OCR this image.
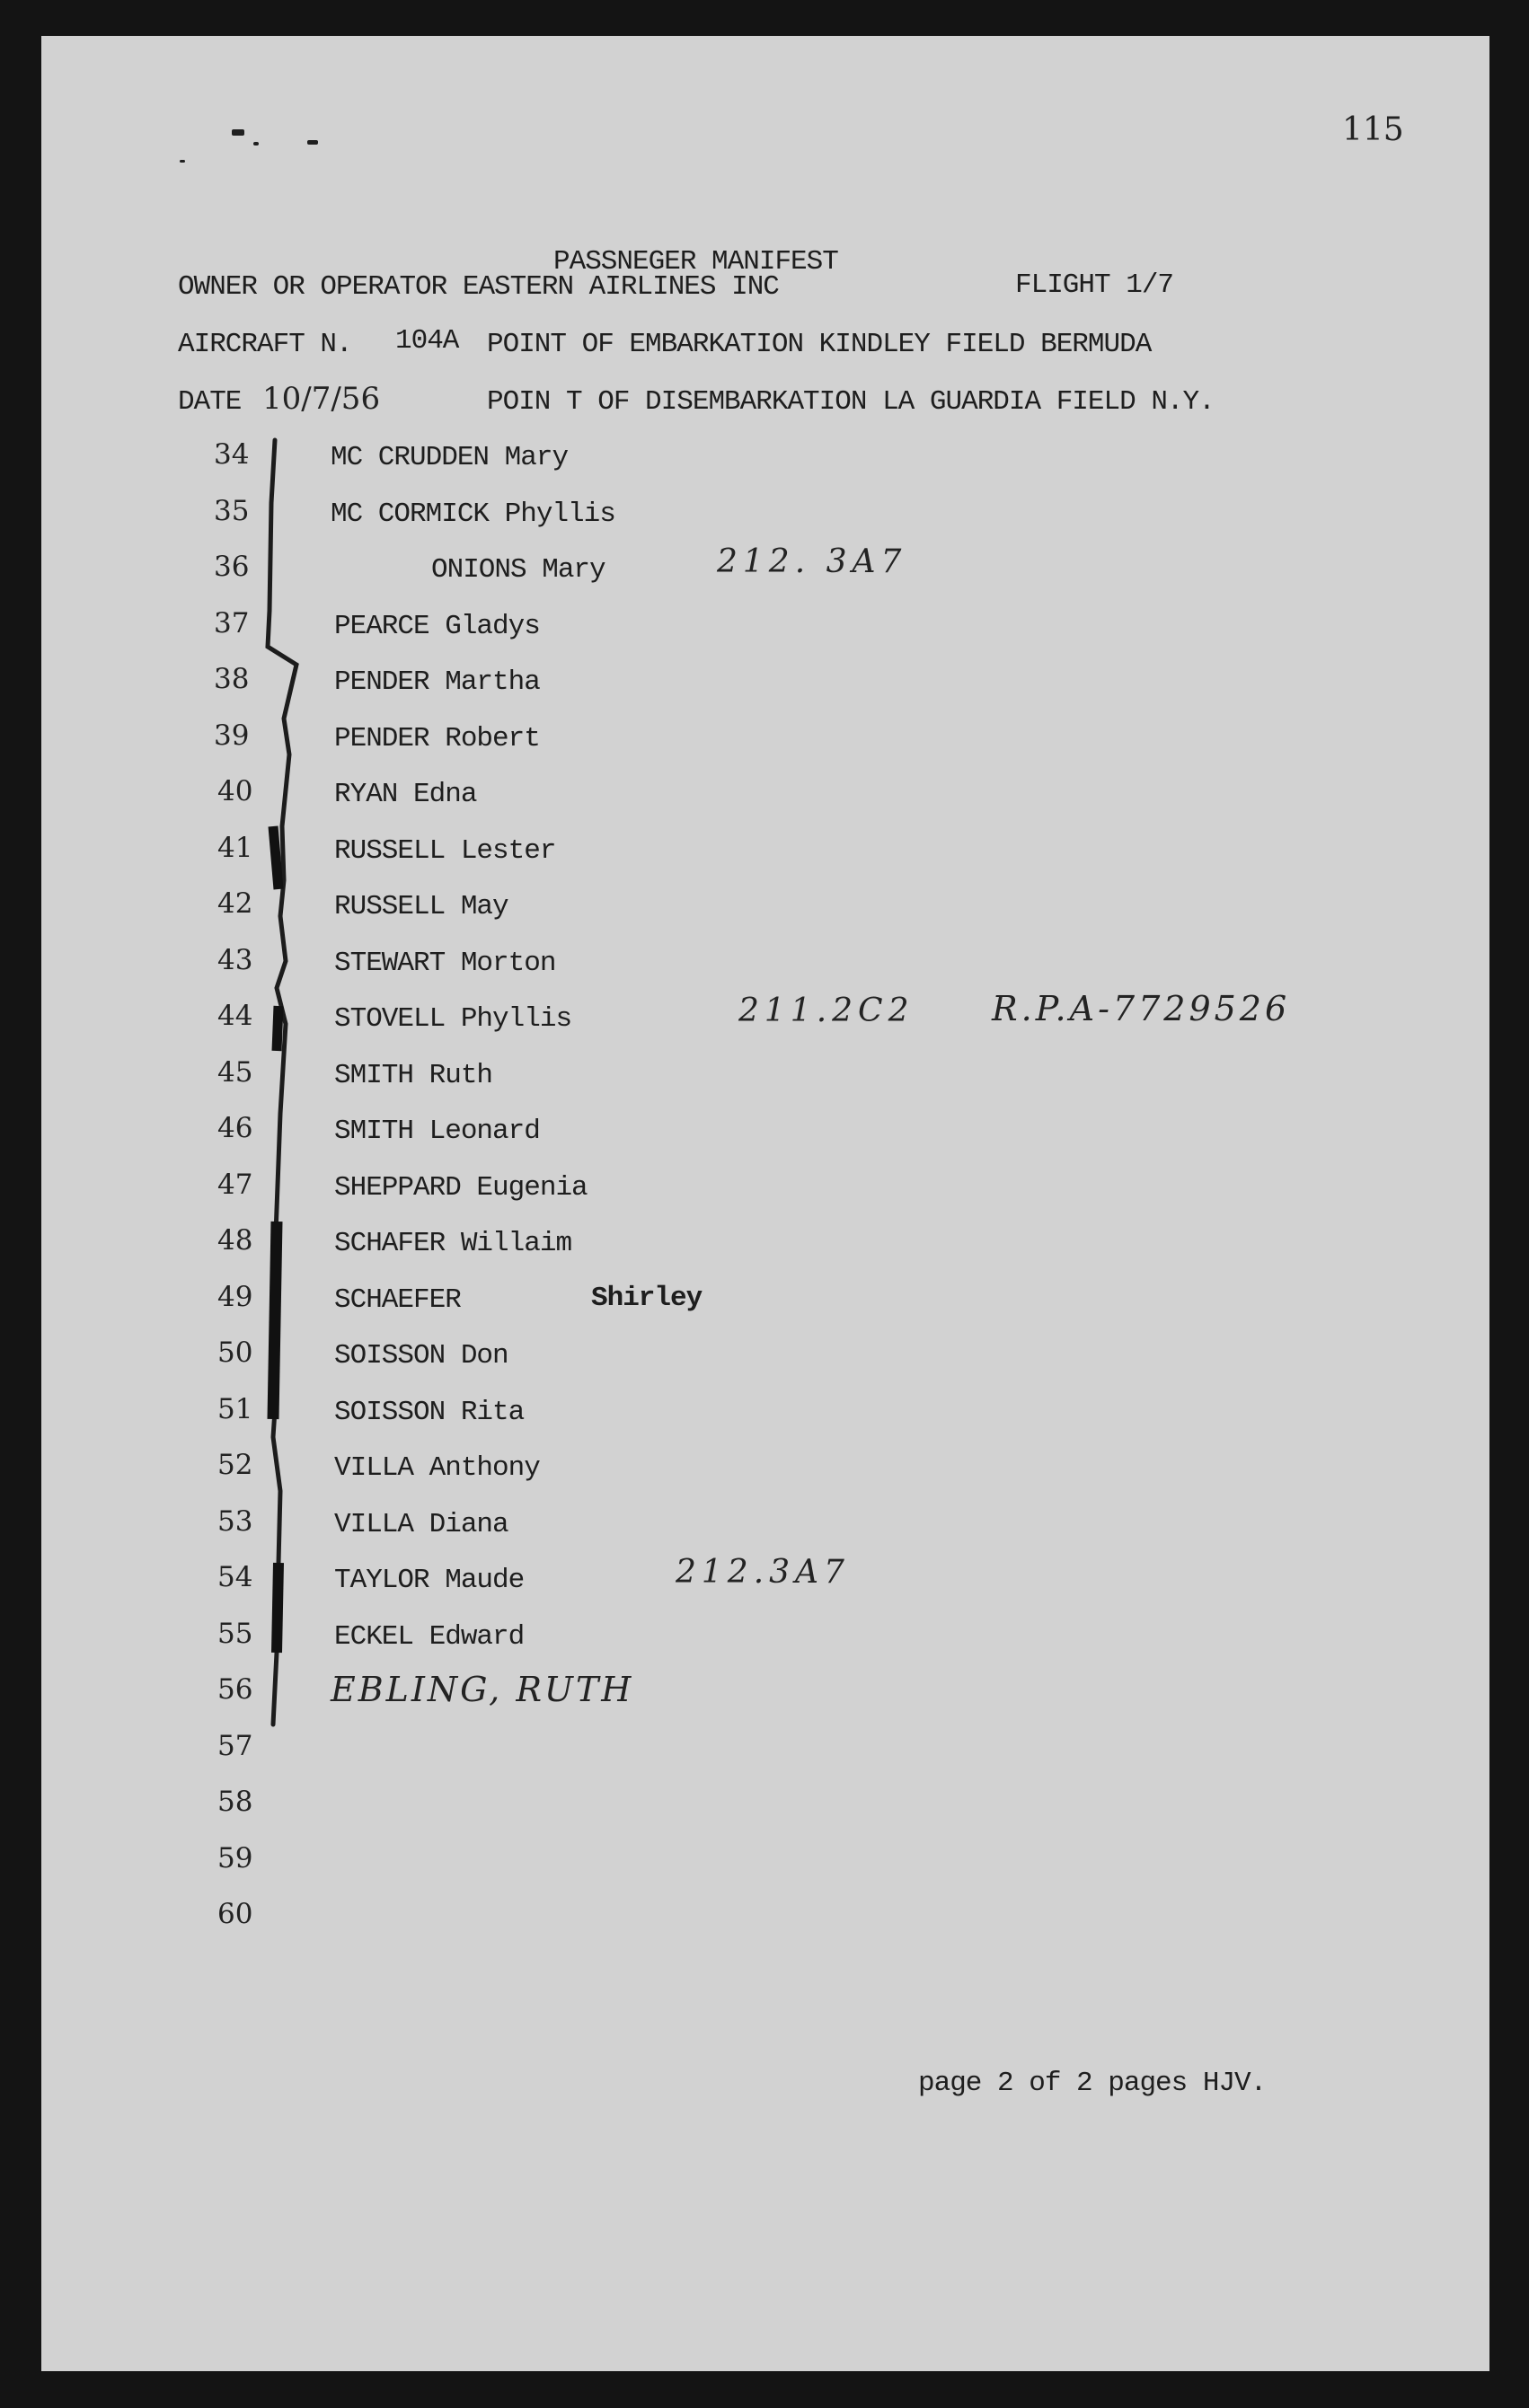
115
PASSNEGER MANIFEST
OWNER OR OPERATOR EASTERN AIRLINES INC	FLIGHT 1/7
AIRCRAFT N. 104A POINT OF EMBARKATION KINDLEY FIELD BERMUDA
DATE 10/7/56	POIN T OF DISEMBARKATION LA GUARDIA FIELD N.Y.
34	MC CRUDDEN Mary
35	MC CORMICK Phyllis
36	ONIONS Mary	212. 3A7
37	PEARCE Gladys
38	PENDER Martha
39	PENDER Robert
40	RYAN Edna
41	RUSSELL Lester
42	RUSSELL May
43	STEWART Morton
44	STOVELL Phyllis	211.2C2 R.P.A-7729526
45	SMITH Ruth
46	SMITH Leonard
47	SHEPPARD Eugenia
48	SCHAFER Willaim
49	SCHAEFER	Shirley
50	SOISSON Don
51	SOISSON Rita
52	VILLA Anthony
53	VILLA Diana
54	TAYLOR Maude	212.3A7
55	ECKEL Edward
56 EBLING, RUTH
57
58
59
60
page 2 of 2 pages HJV.
